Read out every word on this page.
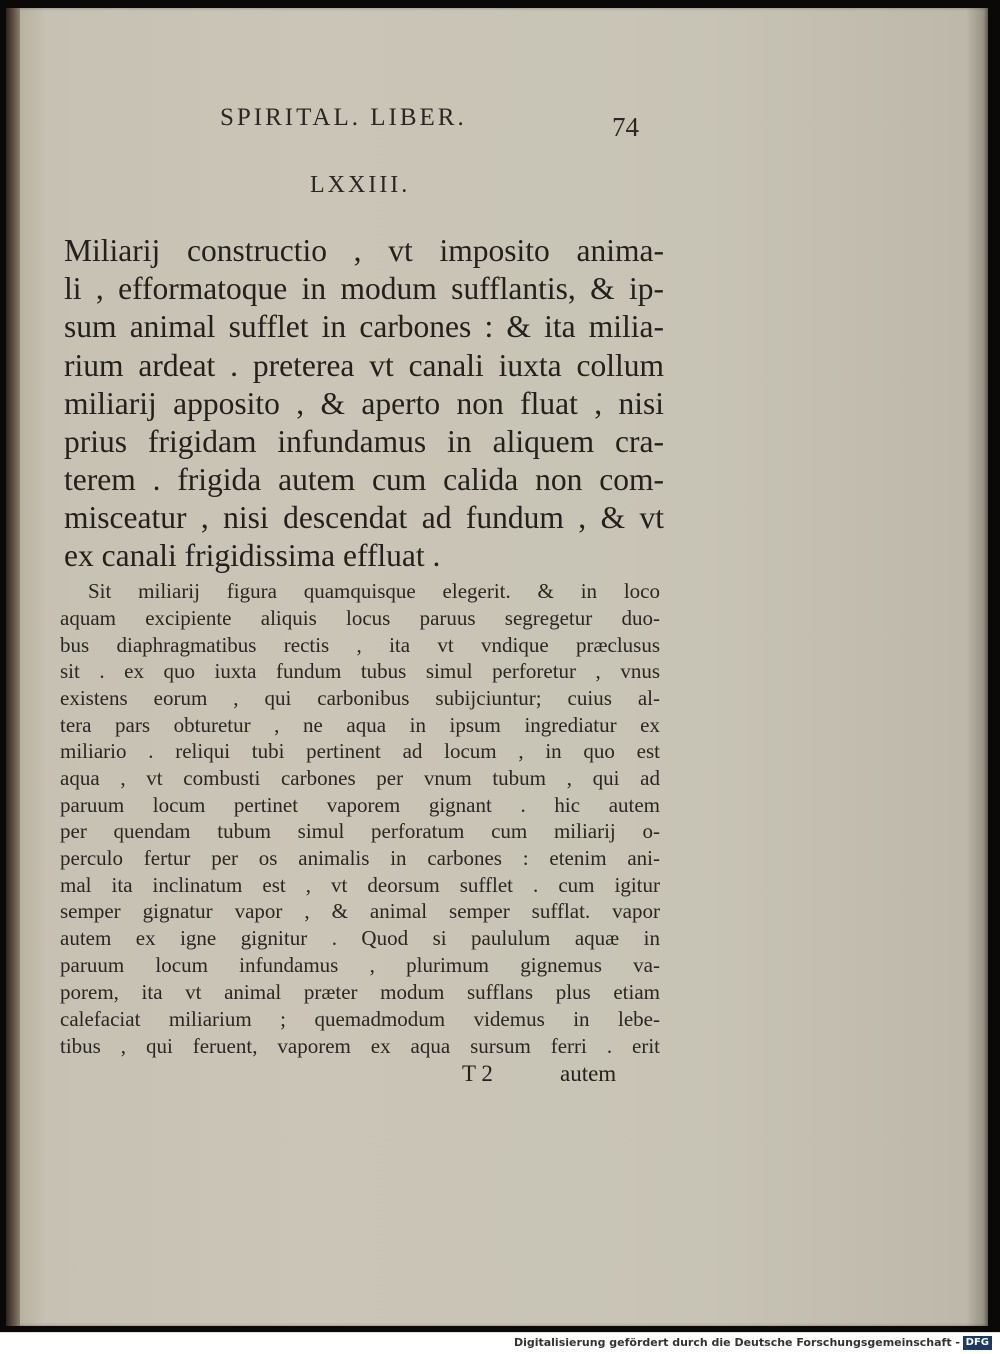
SPIRITAL. LIBER.	74
LXXIII.
Miliarij constructio , vt imposito anima-
li , efformatoque in modum sufflantis, & ip-
sum animal sufflet in carbones : & ita milia-
rium ardeat . preterea vt canali iuxta collum
miliarij apposito , & aperto non fluat , nisi
prius frigidam infundamus in aliquem cra-
terem . frigida autem cum calida non com-
misceatur , nisi descendat ad fundum , & vt
ex canali frigidissima effluat .
Sit miliarij figura quamquisque elegerit. & in loco
aquam excipiente aliquis locus paruus segregetur duo-
bus diaphragmatibus rectis , ita vt vndique præclusus
sit . ex quo iuxta fundum tubus simul perforetur , vnus
existens eorum , qui carbonibus subijciuntur; cuius al-
tera pars obturetur , ne aqua in ipsum ingrediatur ex
miliario . reliqui tubi pertinent ad locum , in quo est
aqua , vt combusti carbones per vnum tubum , qui ad
paruum locum pertinet vaporem gignant . hic autem
per quendam tubum simul perforatum cum miliarij o-
perculo fertur per os animalis in carbones : etenim ani-
mal ita inclinatum est , vt deorsum sufflet . cum igitur
semper gignatur vapor , & animal semper sufflat. vapor
autem ex igne gignitur . Quod si paululum aquæ in
paruum locum infundamus , plurimum gignemus va-
porem, ita vt animal præter modum sufflans plus etiam
calefaciat miliarium ; quemadmodum videmus in lebe-
tibus , qui feruent, vaporem ex aqua sursum ferri . erit
T 2	autem
Digitalisierung gefördert durch die Deutsche Forschungsgemeinschaft - DFG
